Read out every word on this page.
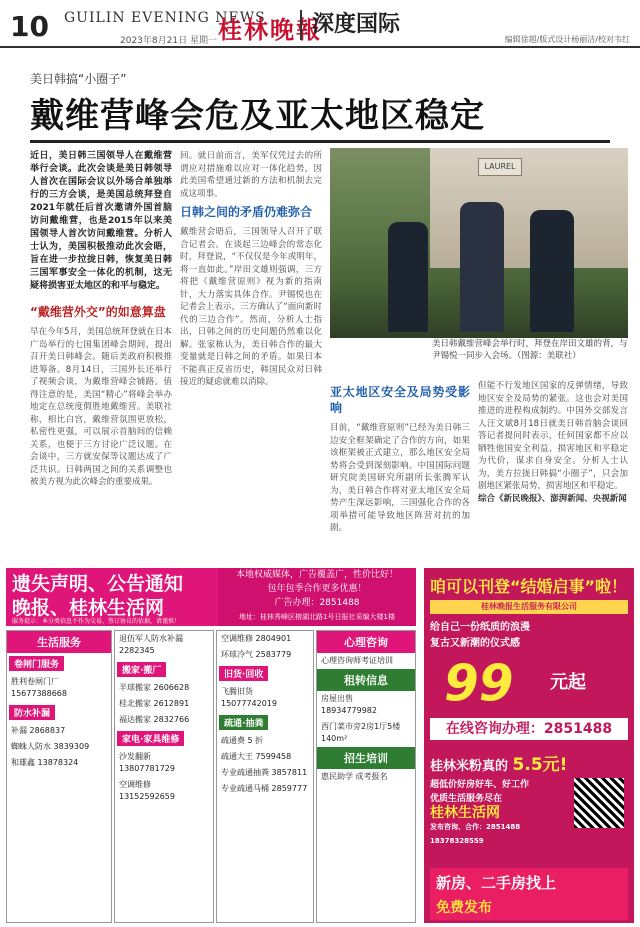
10 GUILIN EVENING NEWS
2023年8月21日 星期一 桂林晚報
深度国际
编辑徐超/版式设计杨丽洁/校对韦红
美日韩搞“小圈子”
戴维营峰会危及亚太地区稳定
近日，美日韩三国领导人在戴维营举行会谈。此次会谈是美日韩领导人首次在国际会议以外场合单独举行的三方会谈，是美国总统拜登自2021年就任后首次邀请外国首脑访问戴维营，也是2015年以来美国领导人首次访问戴维营。分析人士认为，美国积极推动此次会晤，旨在进一步拉拢日韩，恢复美日韩三国军事安全一体化的机制，这无疑将损害亚太地区的和平与稳定。
“戴维营外交”的如意算盘
早在今年5月，美国总统拜登就在日本广岛举行的七国集团峰会期间，提出召开美日韩峰会。随后美政府积极推进筹备。8月14日，三国外长还举行了视频会谈，为戴维营峰会铺路。值得注意的是，美国“精心”将峰会举办地定在总统度假胜地戴维营。美联社称，相比白宫，戴维营氛围更放松，私密性更强，可以展示首脑间的信赖关系，也便于三方讨论广泛议题。在会谈中，三方就安保等议题达成了广泛共识。日韩两国之间的关系调整也被美方视为此次峰会的重要成果。
回。就日前而言，美军仅凭过去的所谓应对措施难以应对一体化趋势，因此美国希望通过新的方法和机制去完成这项事。
日韩之间的矛盾仍难弥合
戴维营会晤后，三国领导人召开了联合记者会。在谈起三边峰会的常态化时，拜登说，“不仅仅是今年或明年，将一直如此。”岸田文雄则强调，三方将把《戴维营原则》视为新的指南针，大力落实具体合作。尹锡悦也在记者会上表示，三方确认了“面向新时代的三边合作”。然而，分析人士指出，日韩之间的历史问题仍然难以化解。张家栋认为，美日韩合作的最大变量就是日韩之间的矛盾。如果日本不能真正反省历史，韩国民众对日韩接近的疑虑就难以消除。
LAUREL
美日韩戴维营峰会举行时，拜登在岸田文雄的背，与尹锡悦一同步入会场。（图源：美联社）
亚太地区安全及局势受影响
目前，“戴维营原则”已经为美日韩三边安全框架确定了合作的方向，如果该框架被正式建立，那么地区安全局势将会受到深刻影响。中国国际问题研究院美国研究所副所长张腾军认为，美日韩合作将对亚太地区安全局势产生深远影响，三国强化合作的各项举措可能导致地区阵营对抗的加剧。
但能不行发地区国家的反弹情绪，导致地区安全及局势的紧张。这也会对美国推进的进程构成制约。中国外交部发言人汪文斌8月18日就美日韩首脑会谈回答记者提问时表示，任何国家都不应以牺牲他国安全利益、损害地区和平稳定为代价，谋求自身安全。分析人士认为，美方拉拢日韩搞“小圈子”，只会加剧地区紧张局势，损害地区和平稳定。
综合《新民晚报》、澎湃新闻、央视新闻
遗失声明、公告通知
晚报、桂林生活网
服务提示：本分类信息不作为交易、签订协议的依据，请谨慎！
本地权威媒体，广告覆盖广，性价比好！
包年包季合作更多优惠！
广告办理：2851488
地址：桂林秀峰区榕湖北路1号日报社采编大楼1楼
咱可以刊登“结婚启事”啦！
桂林晚报生活服务有限公司
给自己一份纸质的浪漫
复古又新潮的仪式感
99 元起
在线咨询办理：2851488
桂林米粉真的 5.5元!
超低价好房好车、好工作
优质生活服务尽在
桂林生活网
发布咨询、合作：2851488 18378328559
新房、二手房找上
免费发布
生活服务
卷闸门服务
胜利卷闸门厂 15677388668
防水补漏
补漏 2868837
蜘蛛人防水 3839309
和雄鑫 13878324
退伍军人防水补漏 2282345
搬家·搬厂
半球搬家 2606628
桂北搬家 2612891
福达搬家 2832766
家电·家具维修
沙发翻新 13807781729
空调维修 13152592659
空调维修 2804901
环球冷气 2583779
旧货·回收
飞腾旧货 15077742019
疏通·抽粪
疏通费 5 折
疏通大王 7599458
专业疏通抽粪 3857811
专业疏通马桶 2859777
心理咨询
心理咨询师考证培训
租转信息
房屋出售 18934779982
西门菜市旁2房1厅5楼 140m²
招生培训
惠民助学 成考报名
